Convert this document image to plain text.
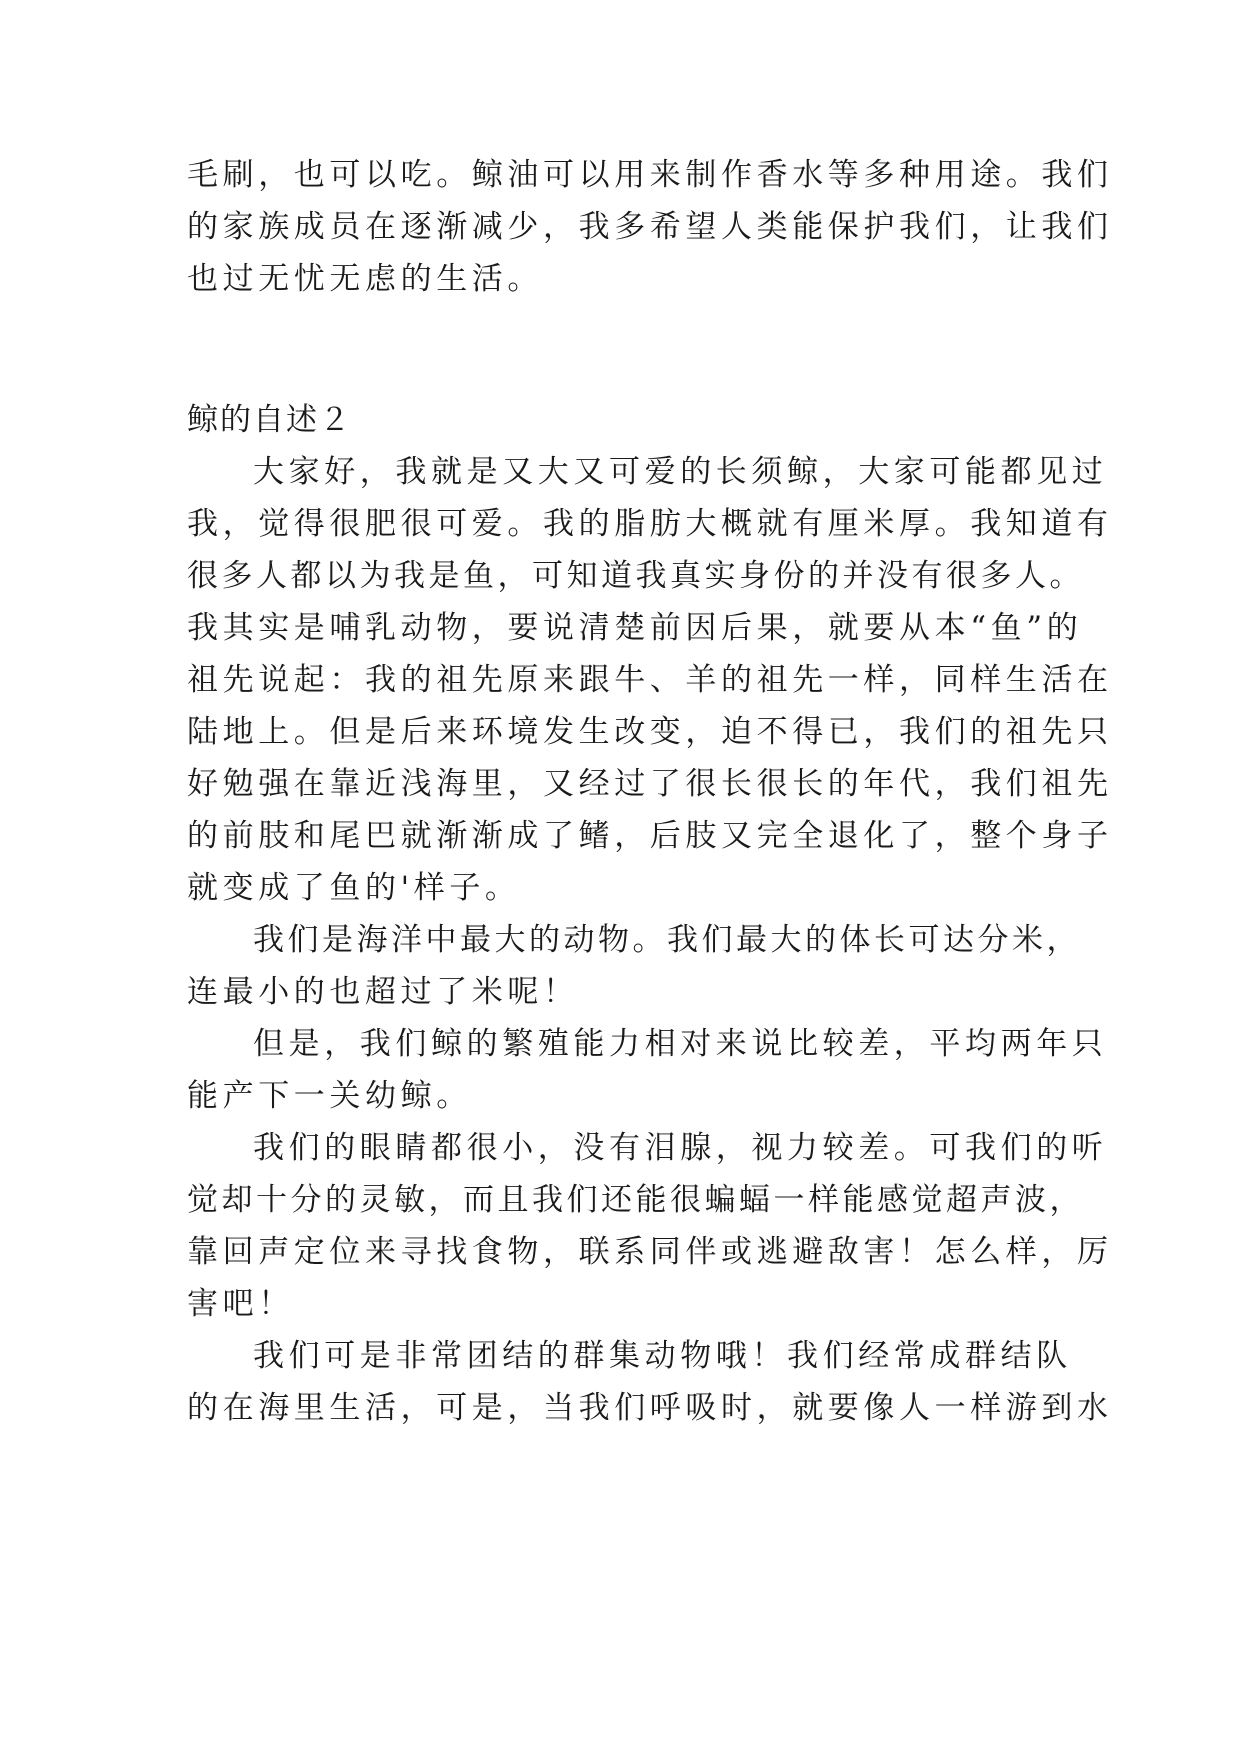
毛刷，也可以吃。鲸油可以用来制作香水等多种用途。我们

的家族成员在逐渐减少，我多希望人类能保护我们，让我们

也过无忧无虑的生活。

鲸的自述２

大家好，我就是又大又可爱的长须鲸，大家可能都见过

我，觉得很肥很可爱。我的脂肪大概就有厘米厚。我知道有

很多人都以为我是鱼，可知道我真实身份的并没有很多人。

我其实是哺乳动物，要说清楚前因后果，就要从本“鱼”的

祖先说起：我的祖先原来跟牛、羊的祖先一样，同样生活在

陆地上。但是后来环境发生改变，迫不得已，我们的祖先只

好勉强在靠近浅海里，又经过了很长很长的年代，我们祖先

的前肢和尾巴就渐渐成了鳍，后肢又完全退化了，整个身子

就变成了鱼的'样子。

我们是海洋中最大的动物。我们最大的体长可达分米，

连最小的也超过了米呢！

但是，我们鲸的繁殖能力相对来说比较差，平均两年只

能产下一关幼鲸。

我们的眼睛都很小，没有泪腺，视力较差。可我们的听

觉却十分的灵敏，而且我们还能很蝙蝠一样能感觉超声波，

靠回声定位来寻找食物，联系同伴或逃避敌害！怎么样，厉

害吧！

我们可是非常团结的群集动物哦！我们经常成群结队

的在海里生活，可是，当我们呼吸时，就要像人一样游到水
